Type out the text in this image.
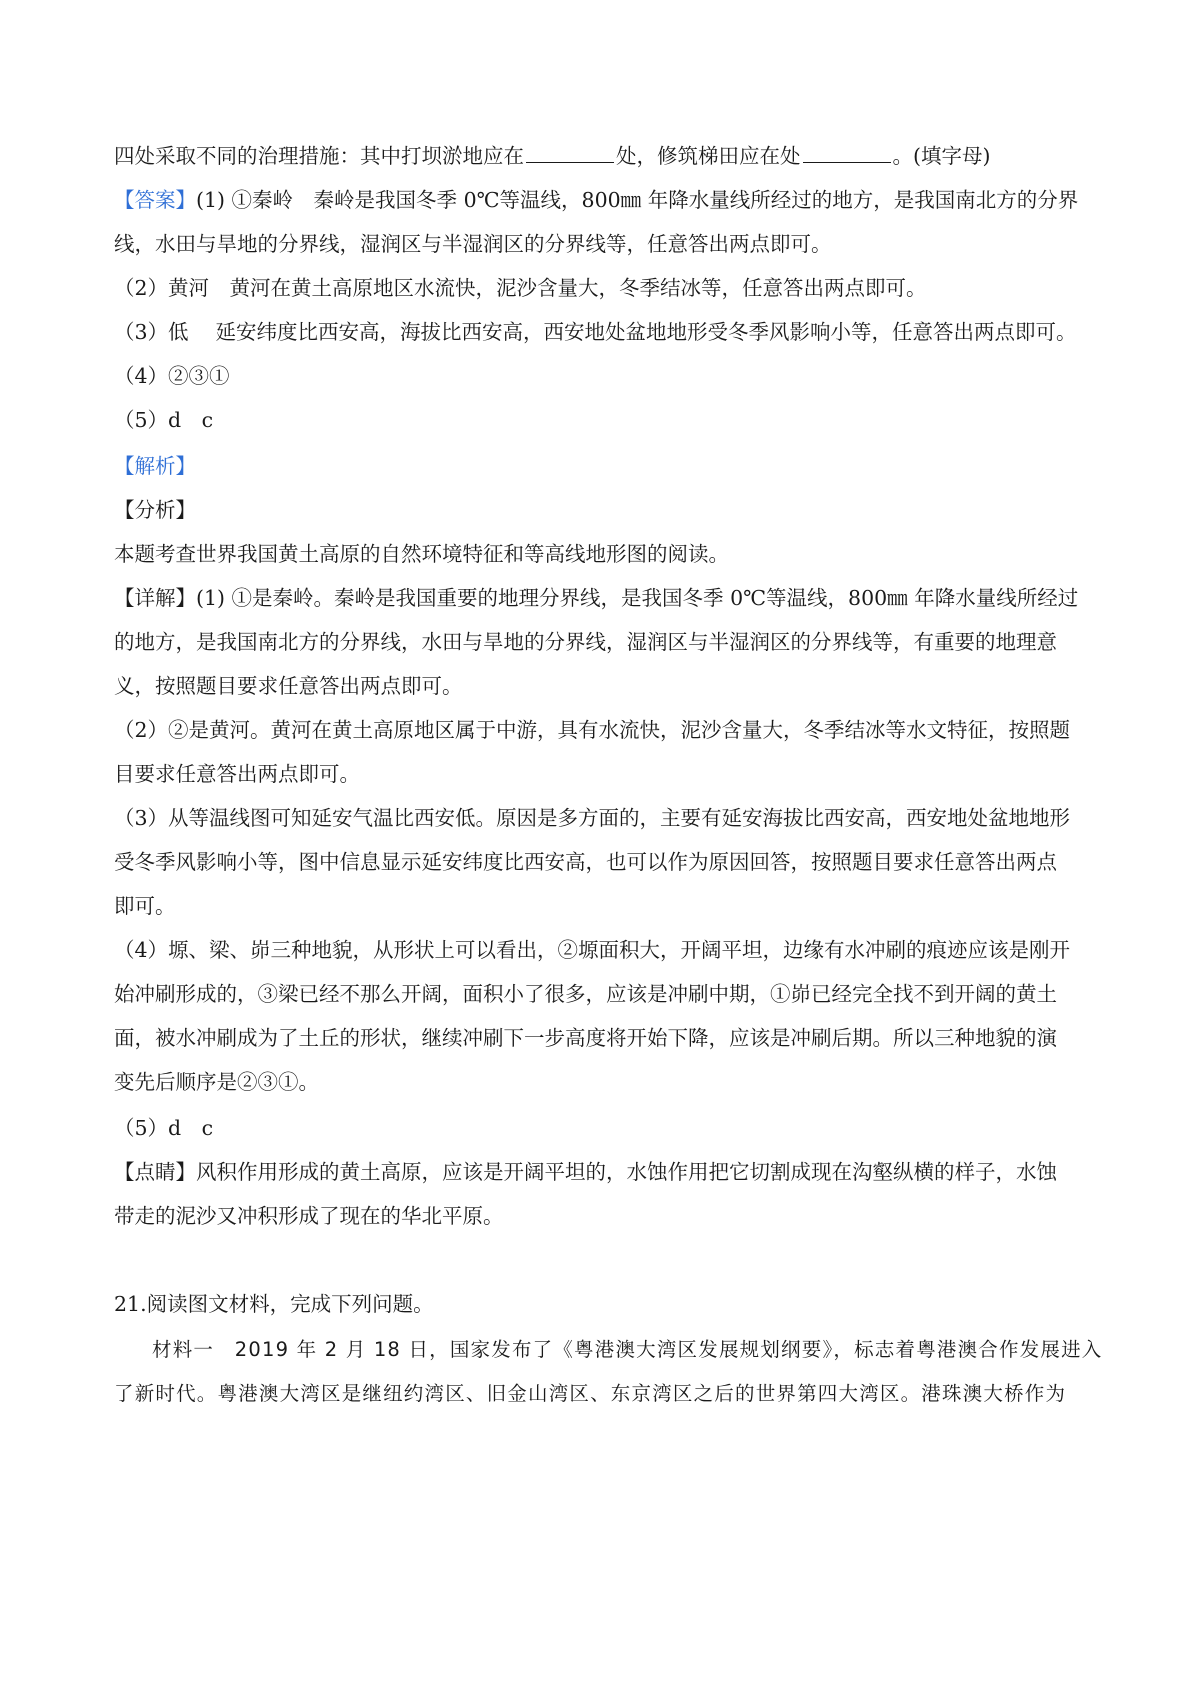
四处采取不同的治理措施：其中打坝淤地应在	处，修筑梯田应在处	。(填字母)
【答案】(1) ①秦岭　秦岭是我国冬季 0℃等温线，800㎜ 年降水量线所经过的地方，是我国南北方的分界
线，水田与旱地的分界线，湿润区与半湿润区的分界线等，任意答出两点即可。
（2）黄河　黄河在黄土高原地区水流快，泥沙含量大，冬季结冰等，任意答出两点即可。
（3）低　 延安纬度比西安高，海拔比西安高，西安地处盆地地形受冬季风影响小等，任意答出两点即可。
（4）②③①
（5）d　c
【解析】
【分析】
本题考查世界我国黄土高原的自然环境特征和等高线地形图的阅读。
【详解】(1) ①是秦岭。秦岭是我国重要的地理分界线，是我国冬季 0℃等温线，800㎜ 年降水量线所经过
的地方，是我国南北方的分界线，水田与旱地的分界线，湿润区与半湿润区的分界线等，有重要的地理意
义，按照题目要求任意答出两点即可。
（2）②是黄河。黄河在黄土高原地区属于中游，具有水流快，泥沙含量大，冬季结冰等水文特征，按照题
目要求任意答出两点即可。
（3）从等温线图可知延安气温比西安低。原因是多方面的，主要有延安海拔比西安高，西安地处盆地地形
受冬季风影响小等，图中信息显示延安纬度比西安高，也可以作为原因回答，按照题目要求任意答出两点
即可。
（4）塬、梁、峁三种地貌，从形状上可以看出，②塬面积大，开阔平坦，边缘有水冲刷的痕迹应该是刚开
始冲刷形成的，③梁已经不那么开阔，面积小了很多，应该是冲刷中期，①峁已经完全找不到开阔的黄土
面，被水冲刷成为了土丘的形状，继续冲刷下一步高度将开始下降，应该是冲刷后期。所以三种地貌的演
变先后顺序是②③①。
（5）d　c
【点睛】风积作用形成的黄土高原，应该是开阔平坦的，水蚀作用把它切割成现在沟壑纵横的样子，水蚀
带走的泥沙又冲积形成了现在的华北平原。
21.阅读图文材料，完成下列问题。
材料一　2019 年 2 月 18 日，国家发布了《粤港澳大湾区发展规划纲要》，标志着粤港澳合作发展进入
了新时代。粤港澳大湾区是继纽约湾区、旧金山湾区、东京湾区之后的世界第四大湾区。港珠澳大桥作为
